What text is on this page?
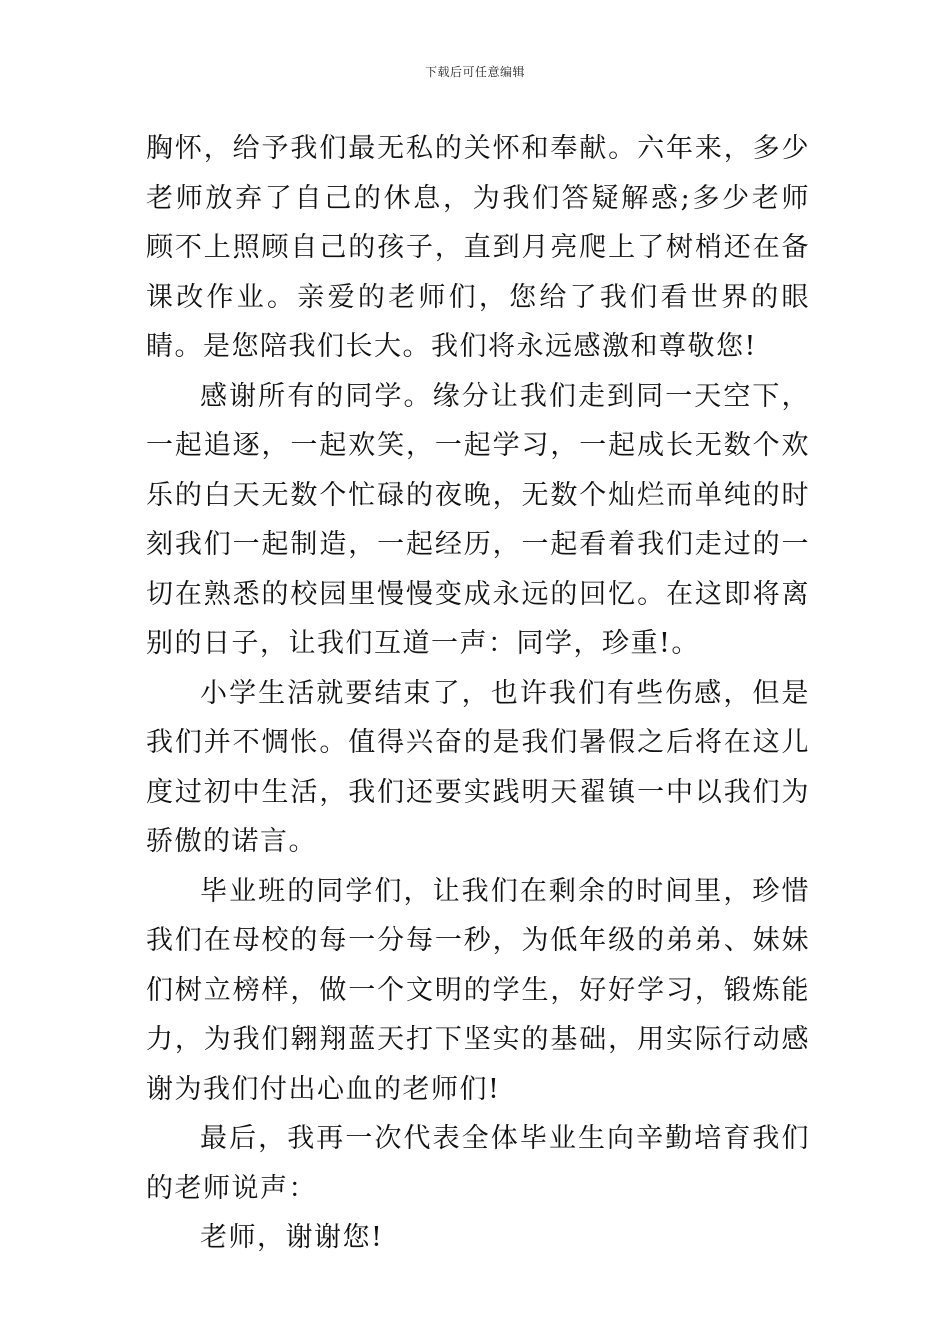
下载后可任意编辑

胸怀，给予我们最无私的关怀和奉献。六年来，多少老师放弃了自己的休息，为我们答疑解惑;多少老师顾不上照顾自己的孩子，直到月亮爬上了树梢还在备课改作业。亲爱的老师们，您给了我们看世界的眼睛。是您陪我们长大。我们将永远感激和尊敬您!

感谢所有的同学。缘分让我们走到同一天空下，一起追逐，一起欢笑，一起学习，一起成长无数个欢乐的白天无数个忙碌的夜晚，无数个灿烂而单纯的时刻我们一起制造，一起经历，一起看着我们走过的一切在熟悉的校园里慢慢变成永远的回忆。在这即将离别的日子，让我们互道一声：同学，珍重!。

小学生活就要结束了，也许我们有些伤感，但是我们并不惆怅。值得兴奋的是我们暑假之后将在这儿度过初中生活，我们还要实践明天翟镇一中以我们为骄傲的诺言。

毕业班的同学们，让我们在剩余的时间里，珍惜我们在母校的每一分每一秒，为低年级的弟弟、妹妹们树立榜样，做一个文明的学生，好好学习，锻炼能力，为我们翱翔蓝天打下坚实的基础，用实际行动感谢为我们付出心血的老师们!

最后，我再一次代表全体毕业生向辛勤培育我们的老师说声：

老师，谢谢您!
